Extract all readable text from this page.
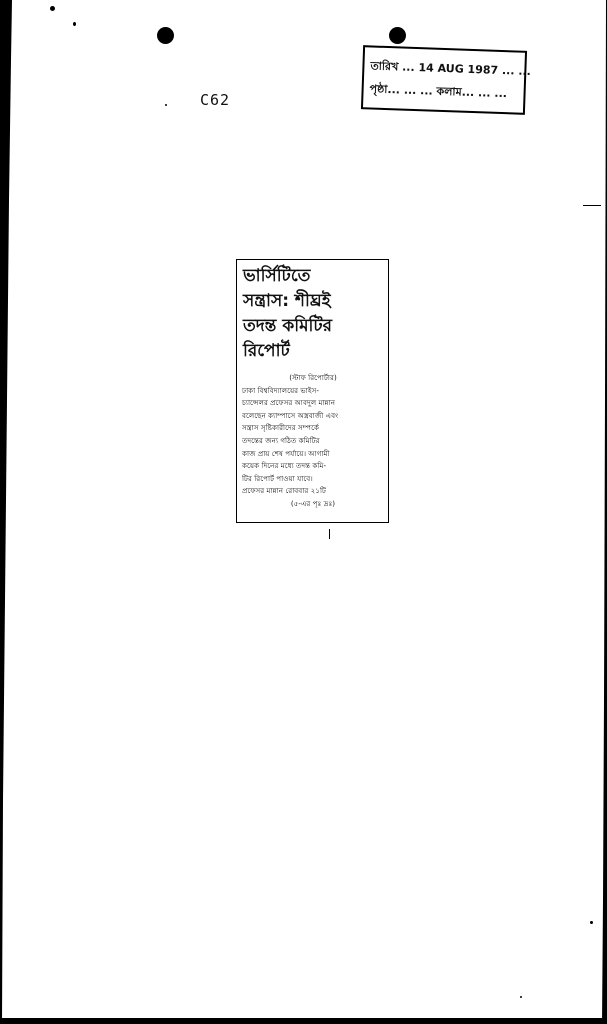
C62
তারিখ ... 14 AUG 1987 ... ...
পৃষ্ঠা... ... ... কলাম... ... ...
ভার্সিটিতে
সন্ত্রাস: শীঘ্রই
তদন্ত কমিটির
রিপোর্ট
(স্টাফ রিপোর্টার)
ঢাকা বিশ্ববিদ্যালয়ের ভাইস-
চ্যান্সেলর প্রফেসর আবদুল মান্নান
বলেছেন ক্যাম্পাসে অস্ত্রবাজী এবং
সন্ত্রাস সৃষ্টিকারীদের সম্পর্কে
তদন্তের জন্য গঠিত কমিটির
কাজ প্রায় শেষ পর্যায়ে। আগামী
কয়েক দিনের মধ্যে তদন্ত কমি-
টির রিপোর্ট পাওয়া যাবে।
প্রফেসর মান্নান রোববার ২১টি
(৫-এর পৃঃ দ্রঃ)
